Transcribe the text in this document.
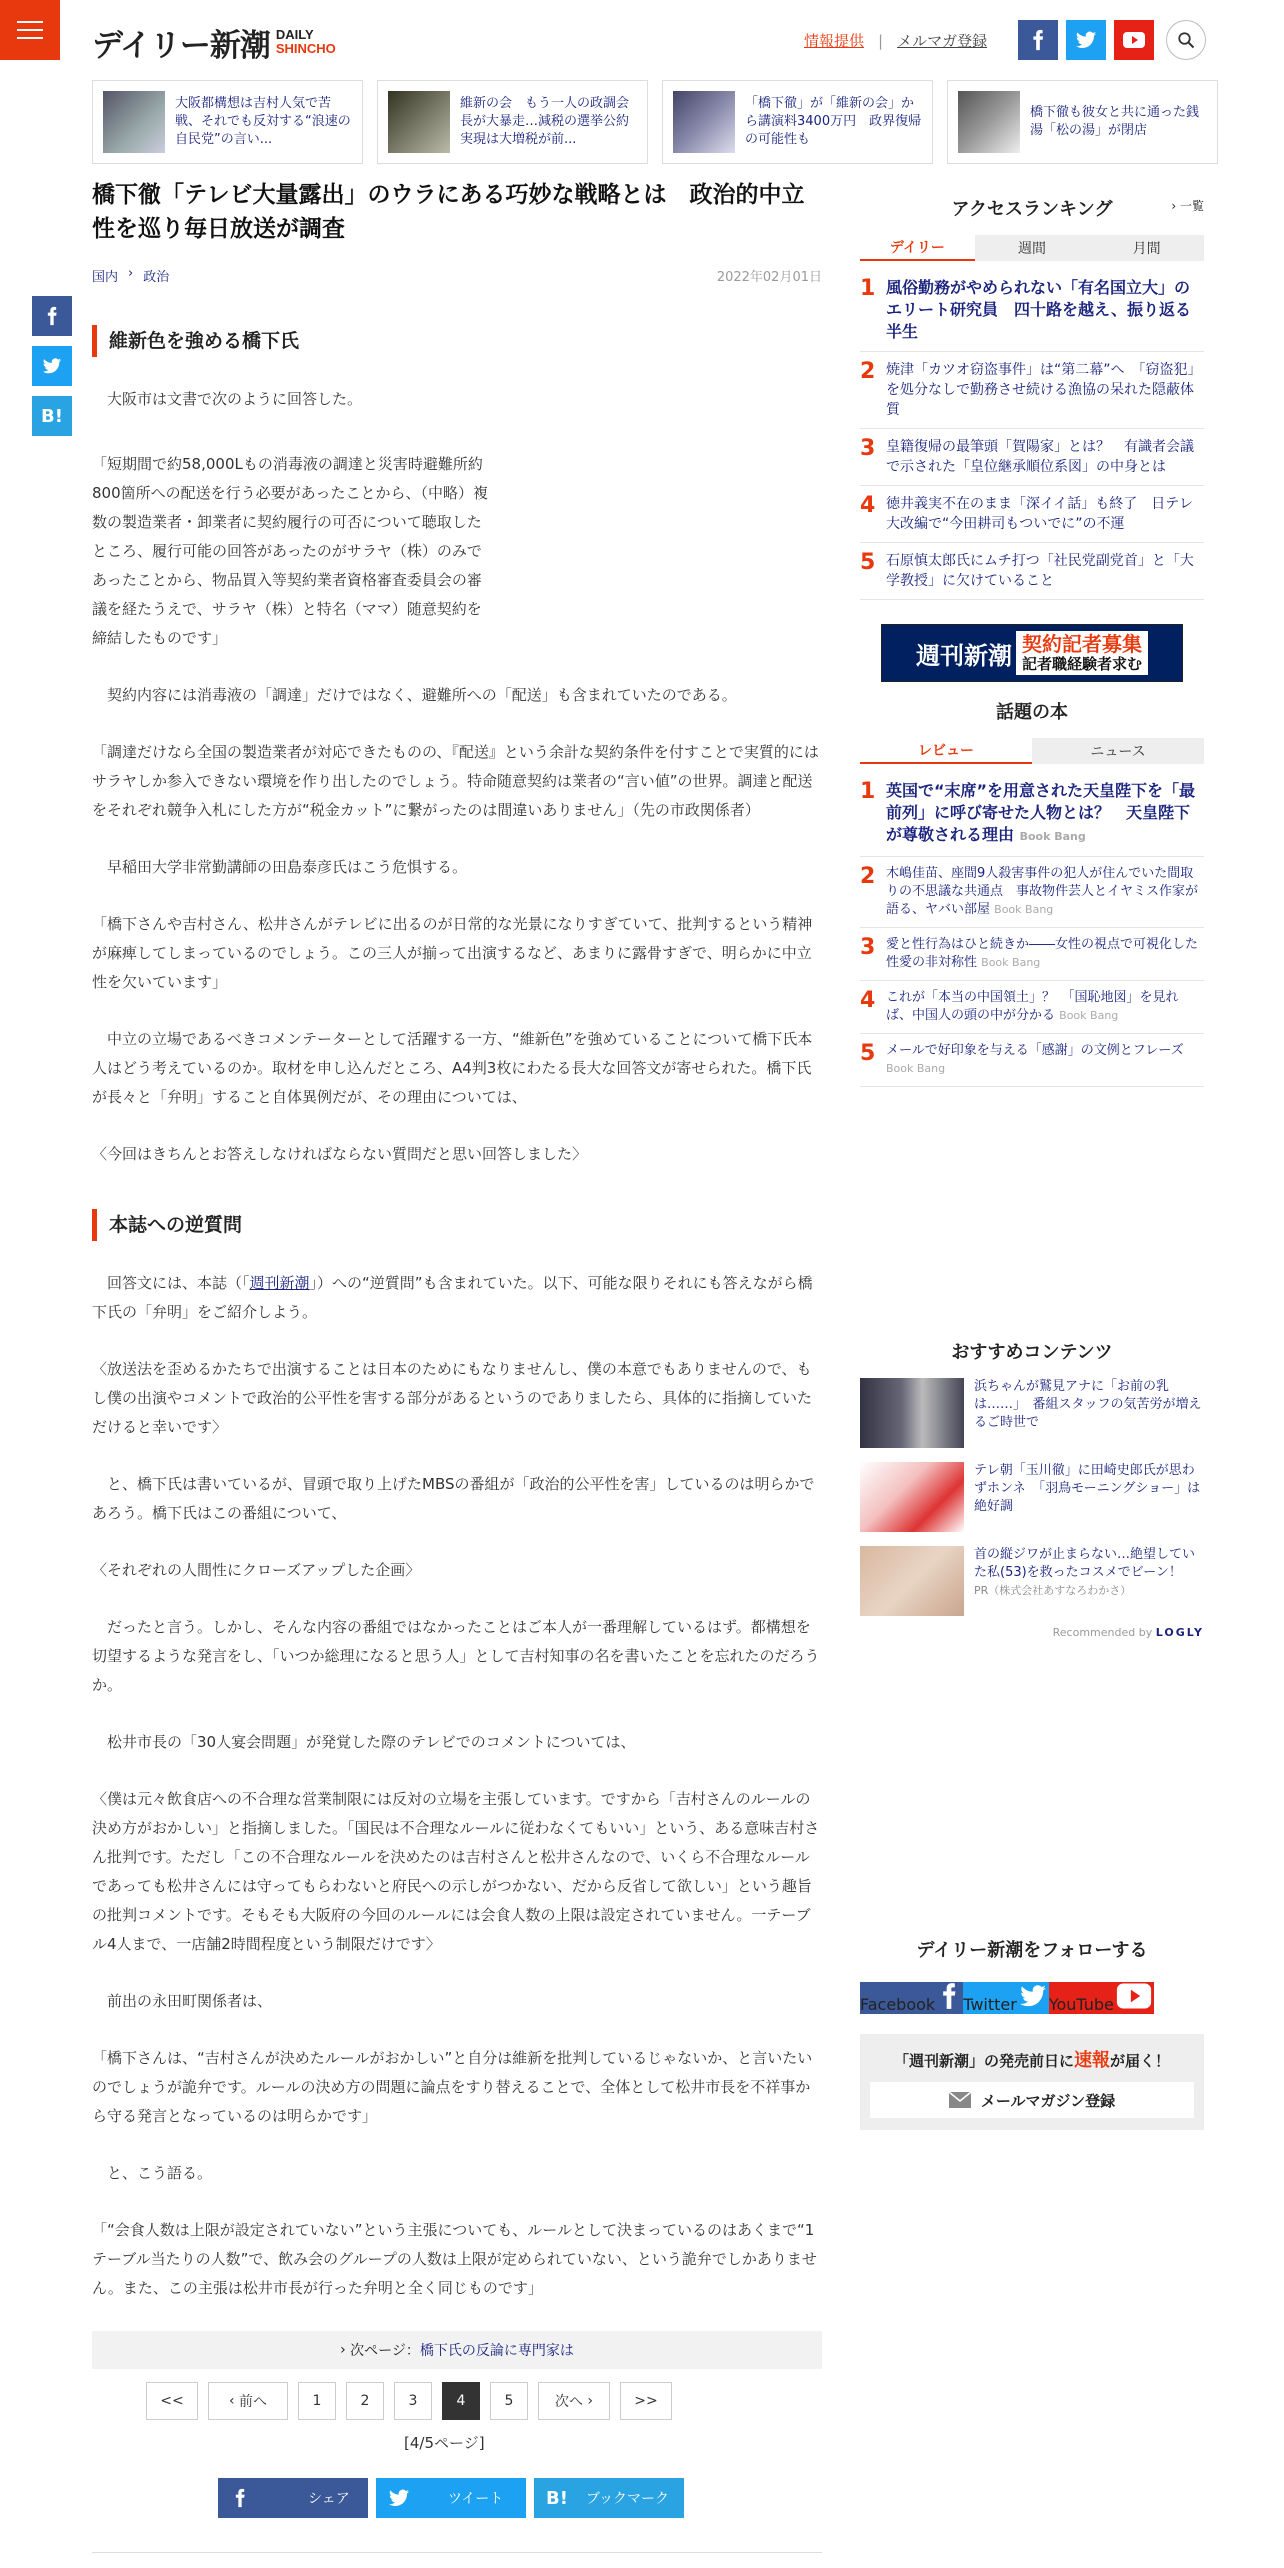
デイリー新潮 DAILY
SHINCHO	情報提供 | メルマガ登録

大阪都構想は吉村人気で苦戦、それでも反対する“浪速の自民党”の言い...

維新の会　もう一人の政調会長が大暴走…減税の選挙公約実現は大増税が前...

「橋下徹」が「維新の会」から講演料3400万円　政界復帰の可能性も

橋下徹も彼女と共に通った銭湯「松の湯」が閉店

B!
橋下徹「テレビ大量露出」のウラにある巧妙な戦略とは　政治的中立性を巡り毎日放送が調査
国内 › 政治	2022年02月01日
維新色を強める橋下氏

大阪市は文書で次のように回答した。

「短期間で約58,000Lもの消毒液の調達と災害時避難所約800箇所への配送を行う必要があったことから、（中略）複数の製造業者・卸業者に契約履行の可否について聴取したところ、履行可能の回答があったのがサラヤ（株）のみであったことから、物品買入等契約業者資格審査委員会の審議を経たうえで、サラヤ（株）と特名（ママ）随意契約を締結したものです」

契約内容には消毒液の「調達」だけではなく、避難所への「配送」も含まれていたのである。

「調達だけなら全国の製造業者が対応できたものの、『配送』という余計な契約条件を付すことで実質的にはサラヤしか参入できない環境を作り出したのでしょう。特命随意契約は業者の“言い値”の世界。調達と配送をそれぞれ競争入札にした方が“税金カット”に繋がったのは間違いありません」（先の市政関係者）

早稲田大学非常勤講師の田島泰彦氏はこう危惧する。

「橋下さんや吉村さん、松井さんがテレビに出るのが日常的な光景になりすぎていて、批判するという精神が麻痺してしまっているのでしょう。この三人が揃って出演するなど、あまりに露骨すぎで、明らかに中立性を欠いています」

中立の立場であるべきコメンテーターとして活躍する一方、“維新色”を強めていることについて橋下氏本人はどう考えているのか。取材を申し込んだところ、A4判3枚にわたる長大な回答文が寄せられた。橋下氏が長々と「弁明」すること自体異例だが、その理由については、

〈今回はきちんとお答えしなければならない質問だと思い回答しました〉

本誌への逆質問

回答文には、本誌（「週刊新潮」）への“逆質問”も含まれていた。以下、可能な限りそれにも答えながら橋下氏の「弁明」をご紹介しよう。

〈放送法を歪めるかたちで出演することは日本のためにもなりませんし、僕の本意でもありませんので、もし僕の出演やコメントで政治的公平性を害する部分があるというのでありましたら、具体的に指摘していただけると幸いです〉

と、橋下氏は書いているが、冒頭で取り上げたMBSの番組が「政治的公平性を害」しているのは明らかであろう。橋下氏はこの番組について、

〈それぞれの人間性にクローズアップした企画〉

だったと言う。しかし、そんな内容の番組ではなかったことはご本人が一番理解しているはず。都構想を切望するような発言をし、「いつか総理になると思う人」として吉村知事の名を書いたことを忘れたのだろうか。

松井市長の「30人宴会問題」が発覚した際のテレビでのコメントについては、

〈僕は元々飲食店への不合理な営業制限には反対の立場を主張しています。ですから「吉村さんのルールの決め方がおかしい」と指摘しました。「国民は不合理なルールに従わなくてもいい」という、ある意味吉村さん批判です。ただし「この不合理なルールを決めたのは吉村さんと松井さんなので、いくら不合理なルールであっても松井さんには守ってもらわないと府民への示しがつかない、だから反省して欲しい」という趣旨の批判コメントです。そもそも大阪府の今回のルールには会食人数の上限は設定されていません。一テーブル4人まで、一店舗2時間程度という制限だけです〉

前出の永田町関係者は、

「橋下さんは、“吉村さんが決めたルールがおかしい”と自分は維新を批判しているじゃないか、と言いたいのでしょうが詭弁です。ルールの決め方の問題に論点をすり替えることで、全体として松井市長を不祥事から守る発言となっているのは明らかです」

と、こう語る。

「“会食人数は上限が設定されていない”という主張についても、ルールとして決まっているのはあくまで“1テーブル当たりの人数”で、飲み会のグループの人数は上限が定められていない、という詭弁でしかありません。また、この主張は松井市長が行った弁明と全く同じものです」

› 次ページ： 橋下氏の反論に専門家は
<<	‹ 前へ	1	2	3	4	5	次へ ›	>>
[4/5ページ]
シェア	ツイート B! ブックマーク
アクセスランキング	› 一覧
デイリー	週間	月間
1 風俗勤務がやめられない「有名国立大」のエリート研究員　四十路を越え、振り返る半生

2 焼津「カツオ窃盗事件」は“第二幕”へ　「窃盗犯」を処分なしで勤務させ続ける漁協の呆れた隠蔽体質

3 皇籍復帰の最筆頭「賀陽家」とは？　有識者会議で示された「皇位継承順位系図」の中身とは

4 徳井義実不在のまま「深イイ話」も終了　日テレ大改編で“今田耕司もついでに”の不運

5 石原慎太郎氏にムチ打つ「社民党副党首」と「大学教授」に欠けていること

週刊新潮 契約記者募集
記者職経験者求む
話題の本
レビュー	ニュース
1 英国で“末席”を用意された天皇陛下を「最前列」に呼び寄せた人物とは？　天皇陛下が尊敬される理由 Book Bang

2 木嶋佳苗、座間9人殺害事件の犯人が住んでいた間取りの不思議な共通点　事故物件芸人とイヤミス作家が語る、ヤバい部屋 Book Bang

3 愛と性行為はひと続きか――女性の視点で可視化した性愛の非対称性 Book Bang

4 これが「本当の中国領土」？　「国恥地図」を見れば、中国人の頭の中が分かる Book Bang

5 メールで好印象を与える「感謝」の文例とフレーズ Book Bang

おすすめコンテンツ

浜ちゃんが鷲見アナに「お前の乳は……」　番組スタッフの気苦労が増えるご時世で

テレ朝「玉川徹」に田崎史郎氏が思わずホンネ　「羽鳥モーニングショー」は絶好調

首の縦ジワが止まらない…絶望していた私(53)を救ったコスメでビーン！
PR（株式会社あすなろわかさ）

Recommended by LOGLY
デイリー新潮をフォローする
Facebook	Twitter	YouTube
「週刊新潮」の発売前日に速報が届く！
メールマガジン登録
